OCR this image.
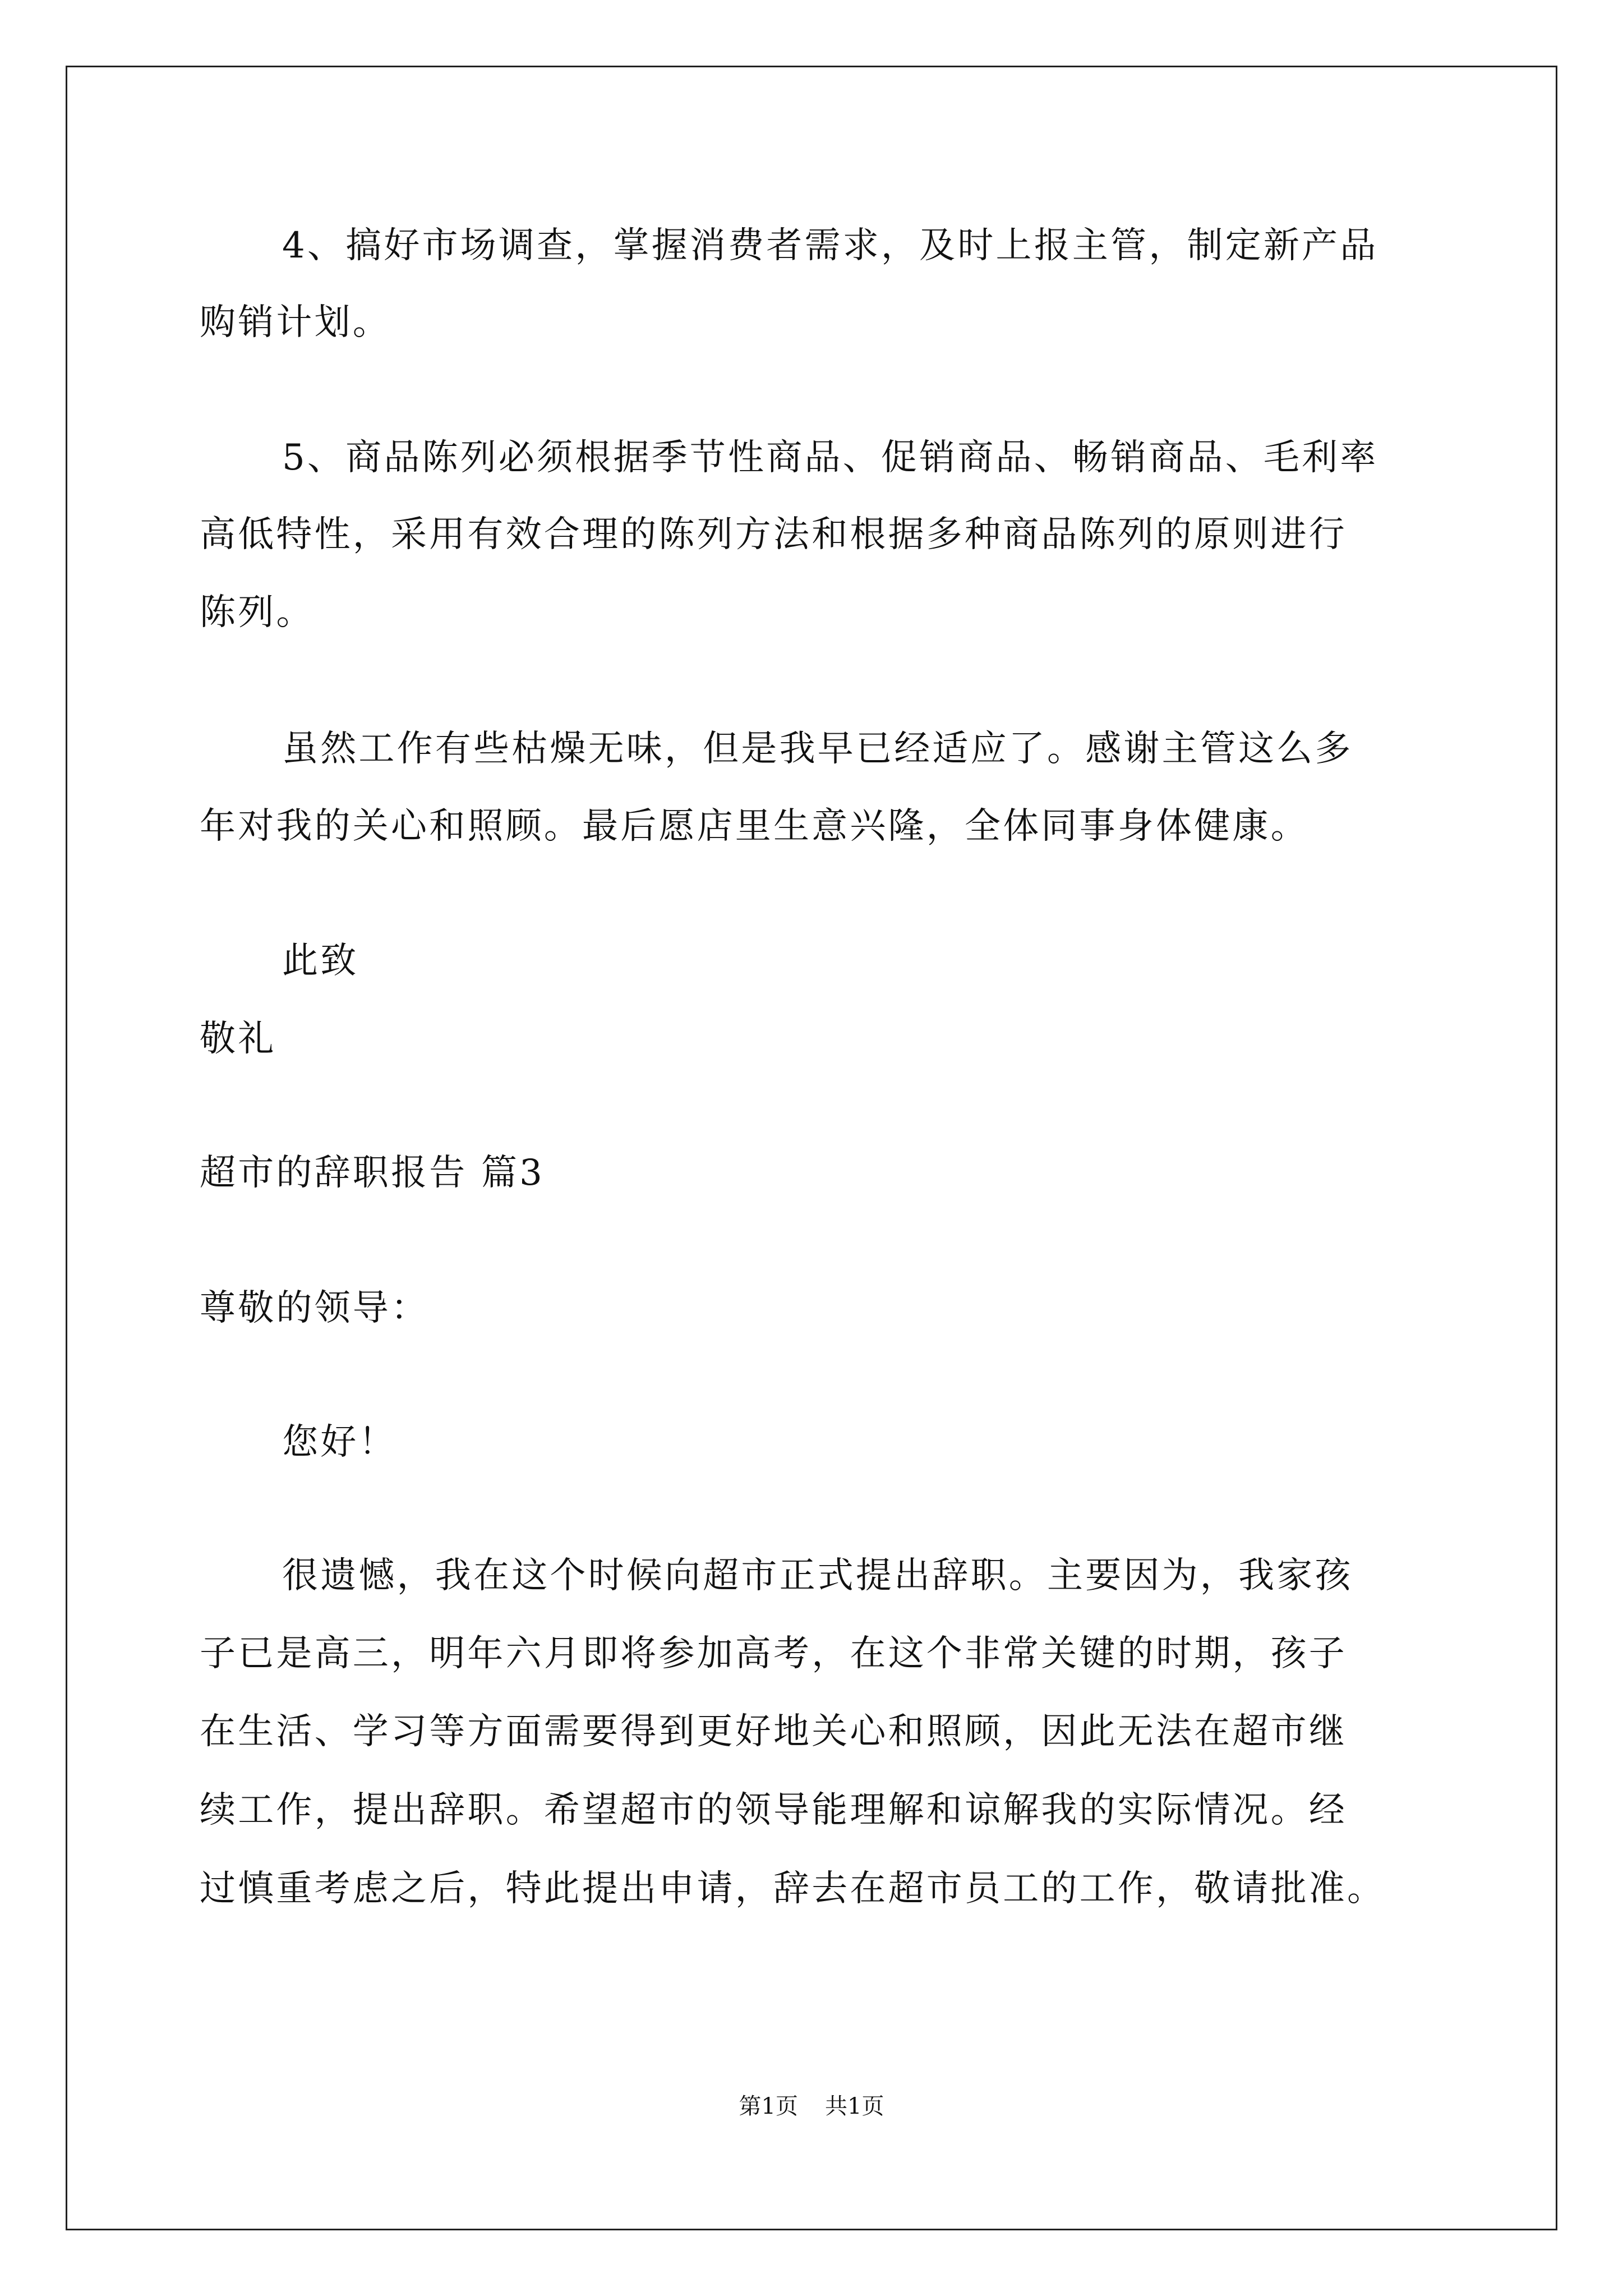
4、搞好市场调查，掌握消费者需求，及时上报主管，制定新产品
购销计划。
5、商品陈列必须根据季节性商品、促销商品、畅销商品、毛利率
高低特性，采用有效合理的陈列方法和根据多种商品陈列的原则进行
陈列。
虽然工作有些枯燥无味，但是我早已经适应了。感谢主管这么多
年对我的关心和照顾。最后愿店里生意兴隆，全体同事身体健康。
此致
敬礼
超市的辞职报告 篇3
尊敬的领导：
您好！
很遗憾，我在这个时候向超市正式提出辞职。主要因为，我家孩
子已是高三，明年六月即将参加高考，在这个非常关键的时期，孩子
在生活、学习等方面需要得到更好地关心和照顾，因此无法在超市继
续工作，提出辞职。希望超市的领导能理解和谅解我的实际情况。经
过慎重考虑之后，特此提出申请，辞去在超市员工的工作，敬请批准。
第1页 共1页
